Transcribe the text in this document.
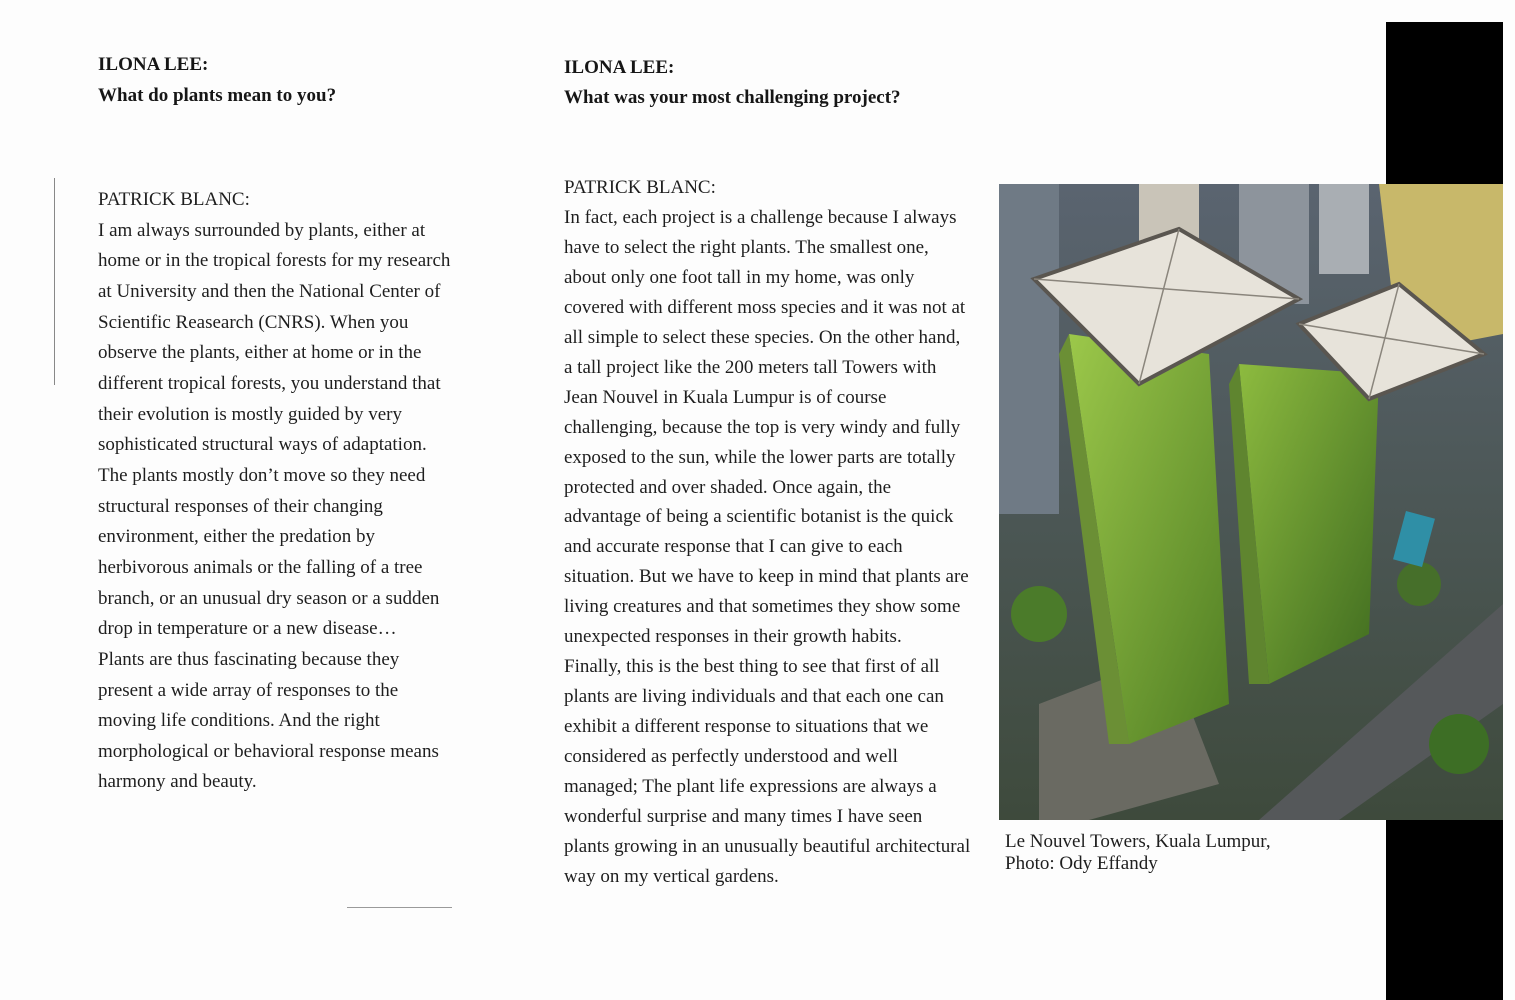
ILONA LEE:
What do plants mean to you?
PATRICK BLANC:
I am always surrounded by plants, either at
home or in the tropical forests for my research
at University and then the National Center of
Scientific Reasearch (CNRS). When you
observe the plants, either at home or in the
different tropical forests, you understand that
their evolution is mostly guided by very
sophisticated structural ways of adaptation.
The plants mostly don’t move so they need
structural responses of their changing
environment, either the predation by
herbivorous animals or the falling of a tree
branch, or an unusual dry season or a sudden
drop in temperature or a new disease…
Plants are thus fascinating because they
present a wide array of responses to the
moving life conditions. And the right
morphological or behavioral response means
harmony and beauty.
ILONA LEE:
What was your most challenging project?
PATRICK BLANC:
In fact, each project is a challenge because I always
have to select the right plants. The smallest one,
about only one foot tall in my home, was only
covered with different moss species and it was not at
all simple to select these species. On the other hand,
a tall project like the 200 meters tall Towers with
Jean Nouvel in Kuala Lumpur is of course
challenging, because the top is very windy and fully
exposed to the sun, while the lower parts are totally
protected and over shaded. Once again, the
advantage of being a scientific botanist is the quick
and accurate response that I can give to each
situation. But we have to keep in mind that plants are
living creatures and that sometimes they show some
unexpected responses in their growth habits.
Finally, this is the best thing to see that first of all
plants are living individuals and that each one can
exhibit a different response to situations that we
considered as perfectly understood and well
managed; The plant life expressions are always a
wonderful surprise and many times I have seen
plants growing in an unusually beautiful architectural
way on my vertical gardens.
Le Nouvel Towers, Kuala Lumpur,
Photo: Ody Effandy
